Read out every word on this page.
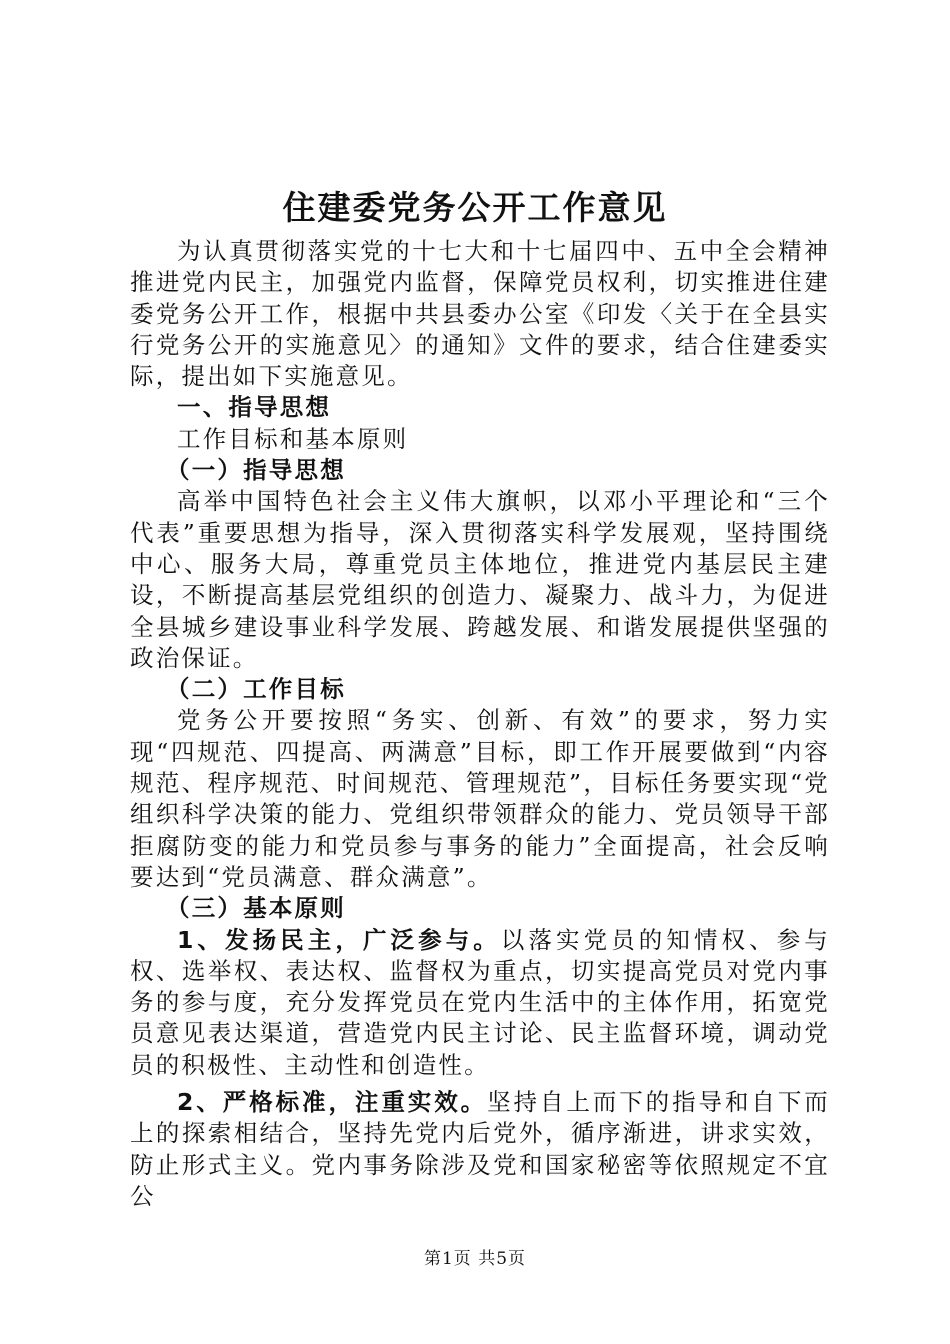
住建委党务公开工作意见

为认真贯彻落实党的十七大和十七届四中、五中全会精神推进党内民主，加强党内监督，保障党员权利，切实推进住建委党务公开工作，根据中共县委办公室《印发〈关于在全县实行党务公开的实施意见〉的通知》文件的要求，结合住建委实际，提出如下实施意见。

一、指导思想

工作目标和基本原则

（一）指导思想

高举中国特色社会主义伟大旗帜，以邓小平理论和“三个代表”重要思想为指导，深入贯彻落实科学发展观，坚持围绕中心、服务大局，尊重党员主体地位，推进党内基层民主建设，不断提高基层党组织的创造力、凝聚力、战斗力，为促进全县城乡建设事业科学发展、跨越发展、和谐发展提供坚强的政治保证。

（二）工作目标

党务公开要按照“务实、创新、有效”的要求，努力实现“四规范、四提高、两满意”目标，即工作开展要做到“内容规范、程序规范、时间规范、管理规范”，目标任务要实现“党组织科学决策的能力、党组织带领群众的能力、党员领导干部拒腐防变的能力和党员参与事务的能力”全面提高，社会反响要达到“党员满意、群众满意”。

（三）基本原则

1、发扬民主，广泛参与。以落实党员的知情权、参与权、选举权、表达权、监督权为重点，切实提高党员对党内事务的参与度，充分发挥党员在党内生活中的主体作用，拓宽党员意见表达渠道，营造党内民主讨论、民主监督环境，调动党员的积极性、主动性和创造性。

2、严格标准，注重实效。坚持自上而下的指导和自下而上的探索相结合，坚持先党内后党外，循序渐进，讲求实效，防止形式主义。党内事务除涉及党和国家秘密等依照规定不宜公

第1页 共5页
